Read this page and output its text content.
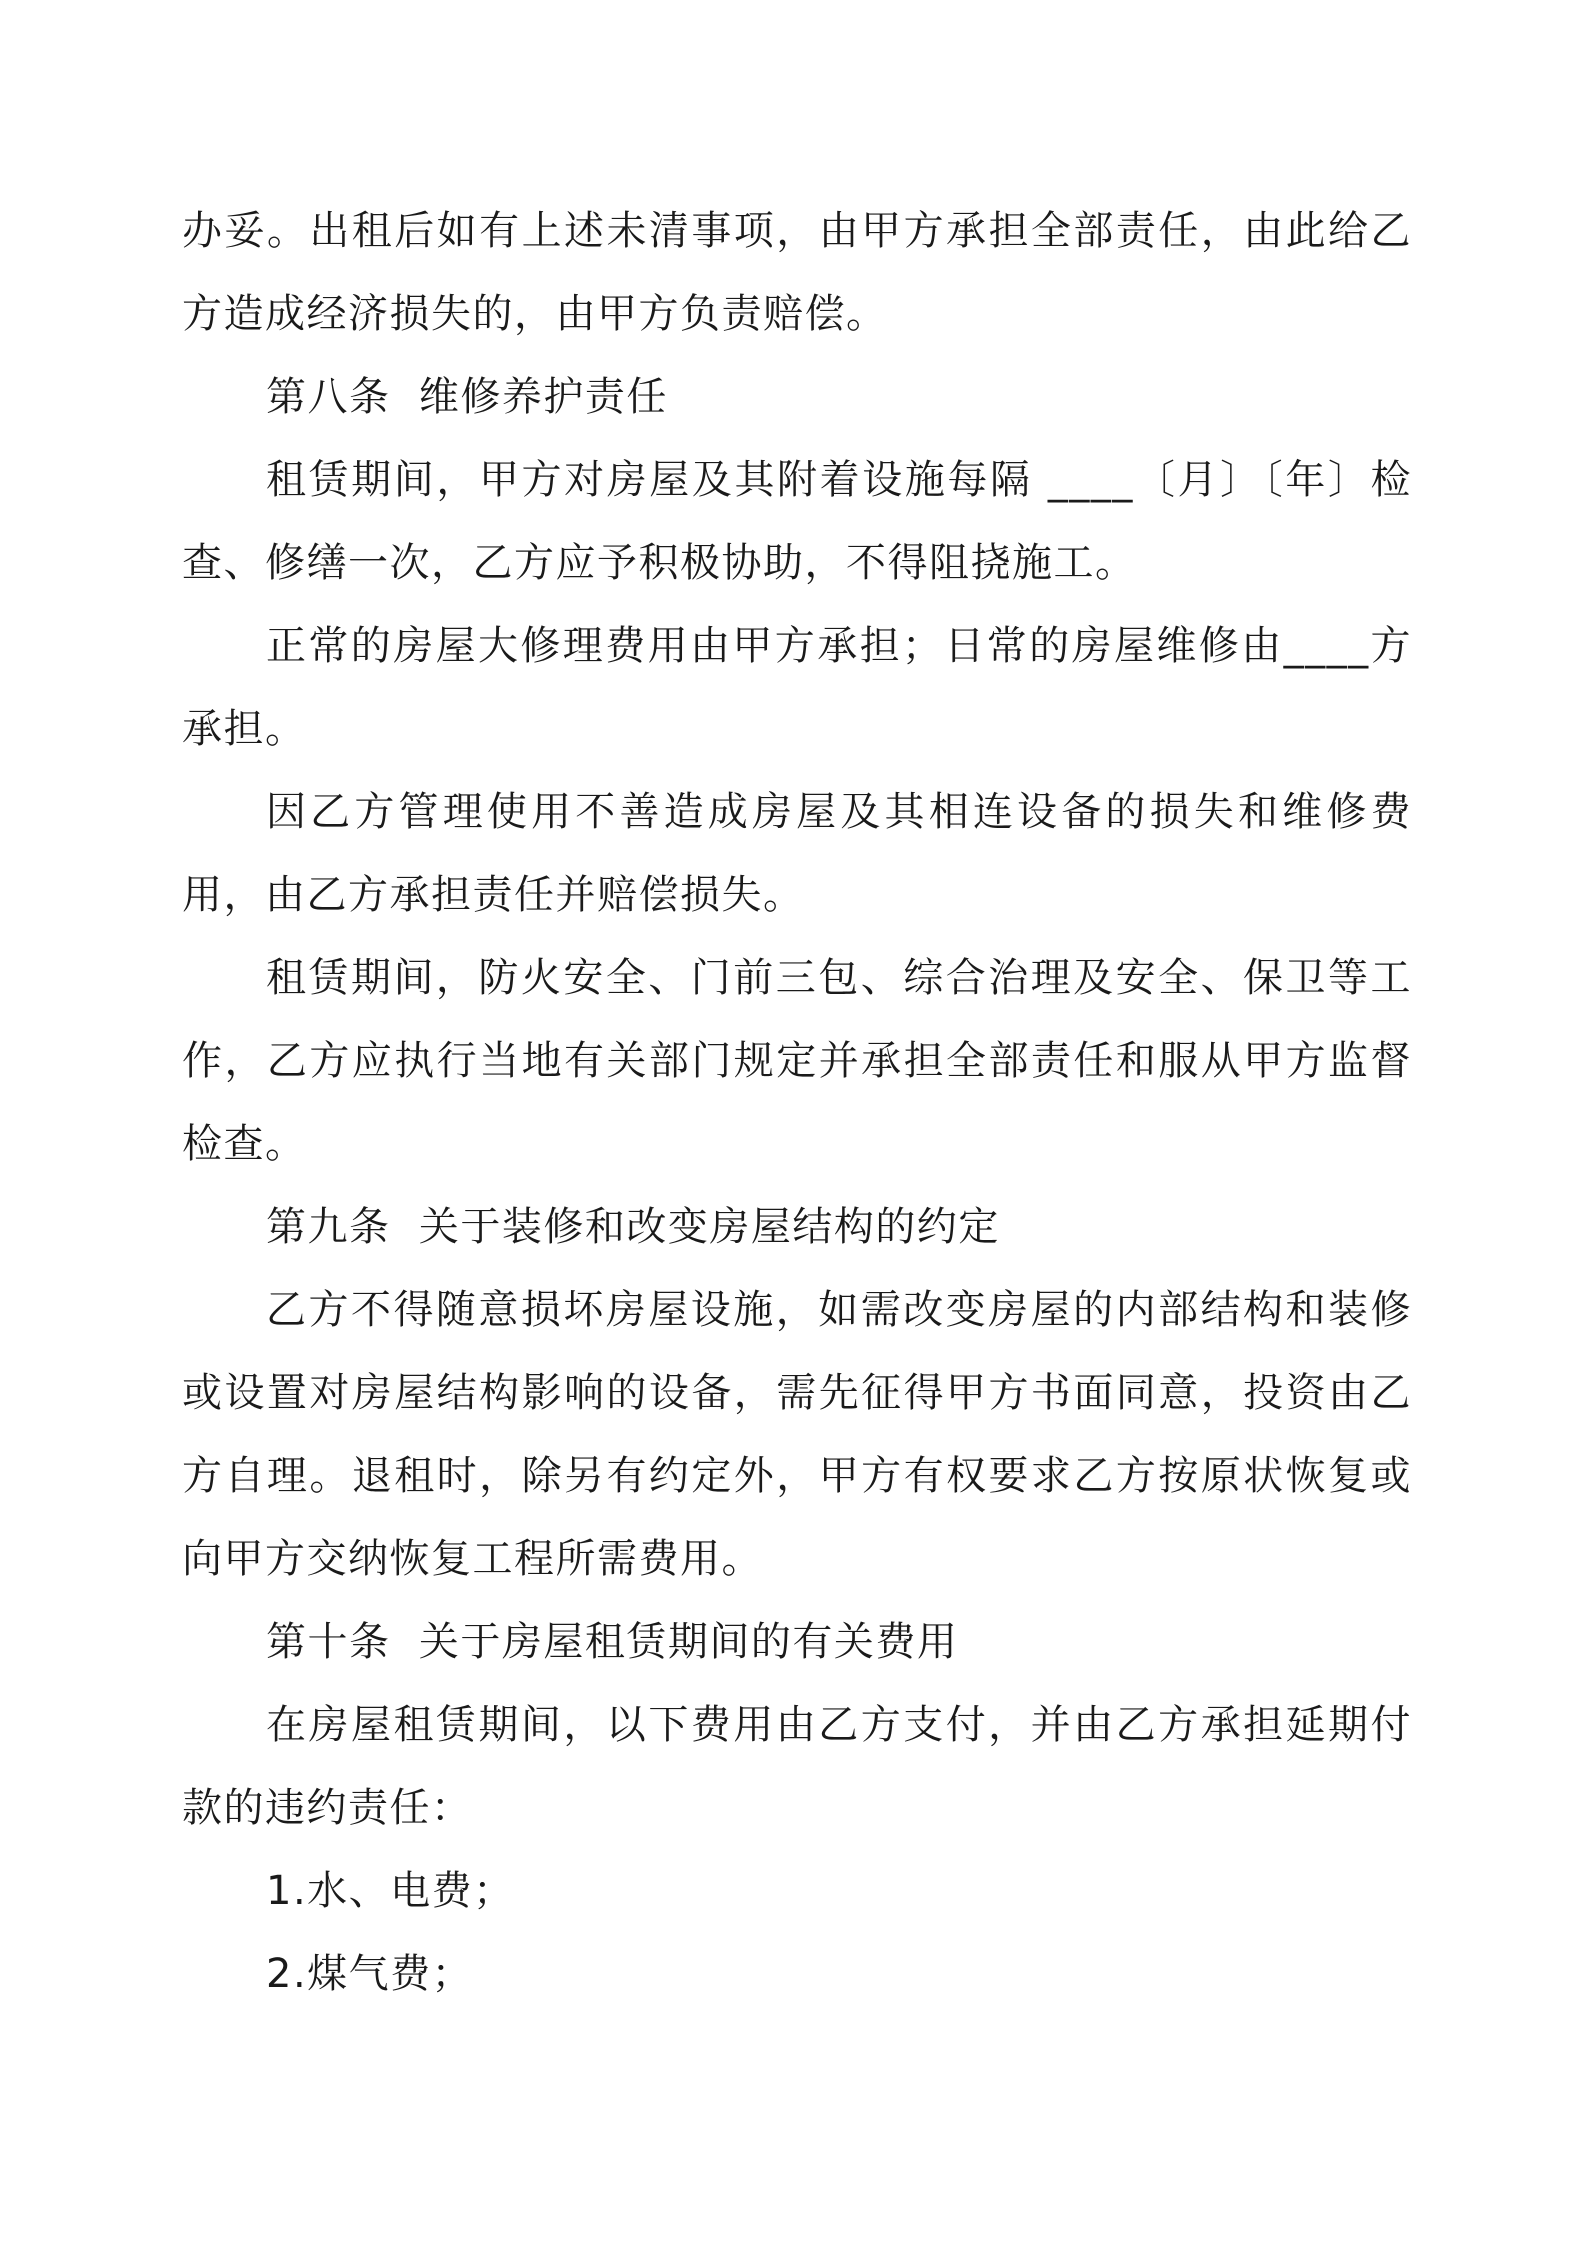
办妥。出租后如有上述未清事项，由甲方承担全部责任，由此给乙方造成经济损失的，由甲方负责赔偿。

第八条  维修养护责任

租赁期间，甲方对房屋及其附着设施每隔 ____〔月〕〔年〕检查、修缮一次，乙方应予积极协助，不得阻挠施工。

正常的房屋大修理费用由甲方承担；日常的房屋维修由____方承担。

因乙方管理使用不善造成房屋及其相连设备的损失和维修费用，由乙方承担责任并赔偿损失。

租赁期间，防火安全、门前三包、综合治理及安全、保卫等工作，乙方应执行当地有关部门规定并承担全部责任和服从甲方监督检查。

第九条  关于装修和改变房屋结构的约定

乙方不得随意损坏房屋设施，如需改变房屋的内部结构和装修或设置对房屋结构影响的设备，需先征得甲方书面同意，投资由乙方自理。退租时，除另有约定外，甲方有权要求乙方按原状恢复或向甲方交纳恢复工程所需费用。

第十条  关于房屋租赁期间的有关费用

在房屋租赁期间，以下费用由乙方支付，并由乙方承担延期付款的违约责任：

1.水、电费；

2.煤气费；
